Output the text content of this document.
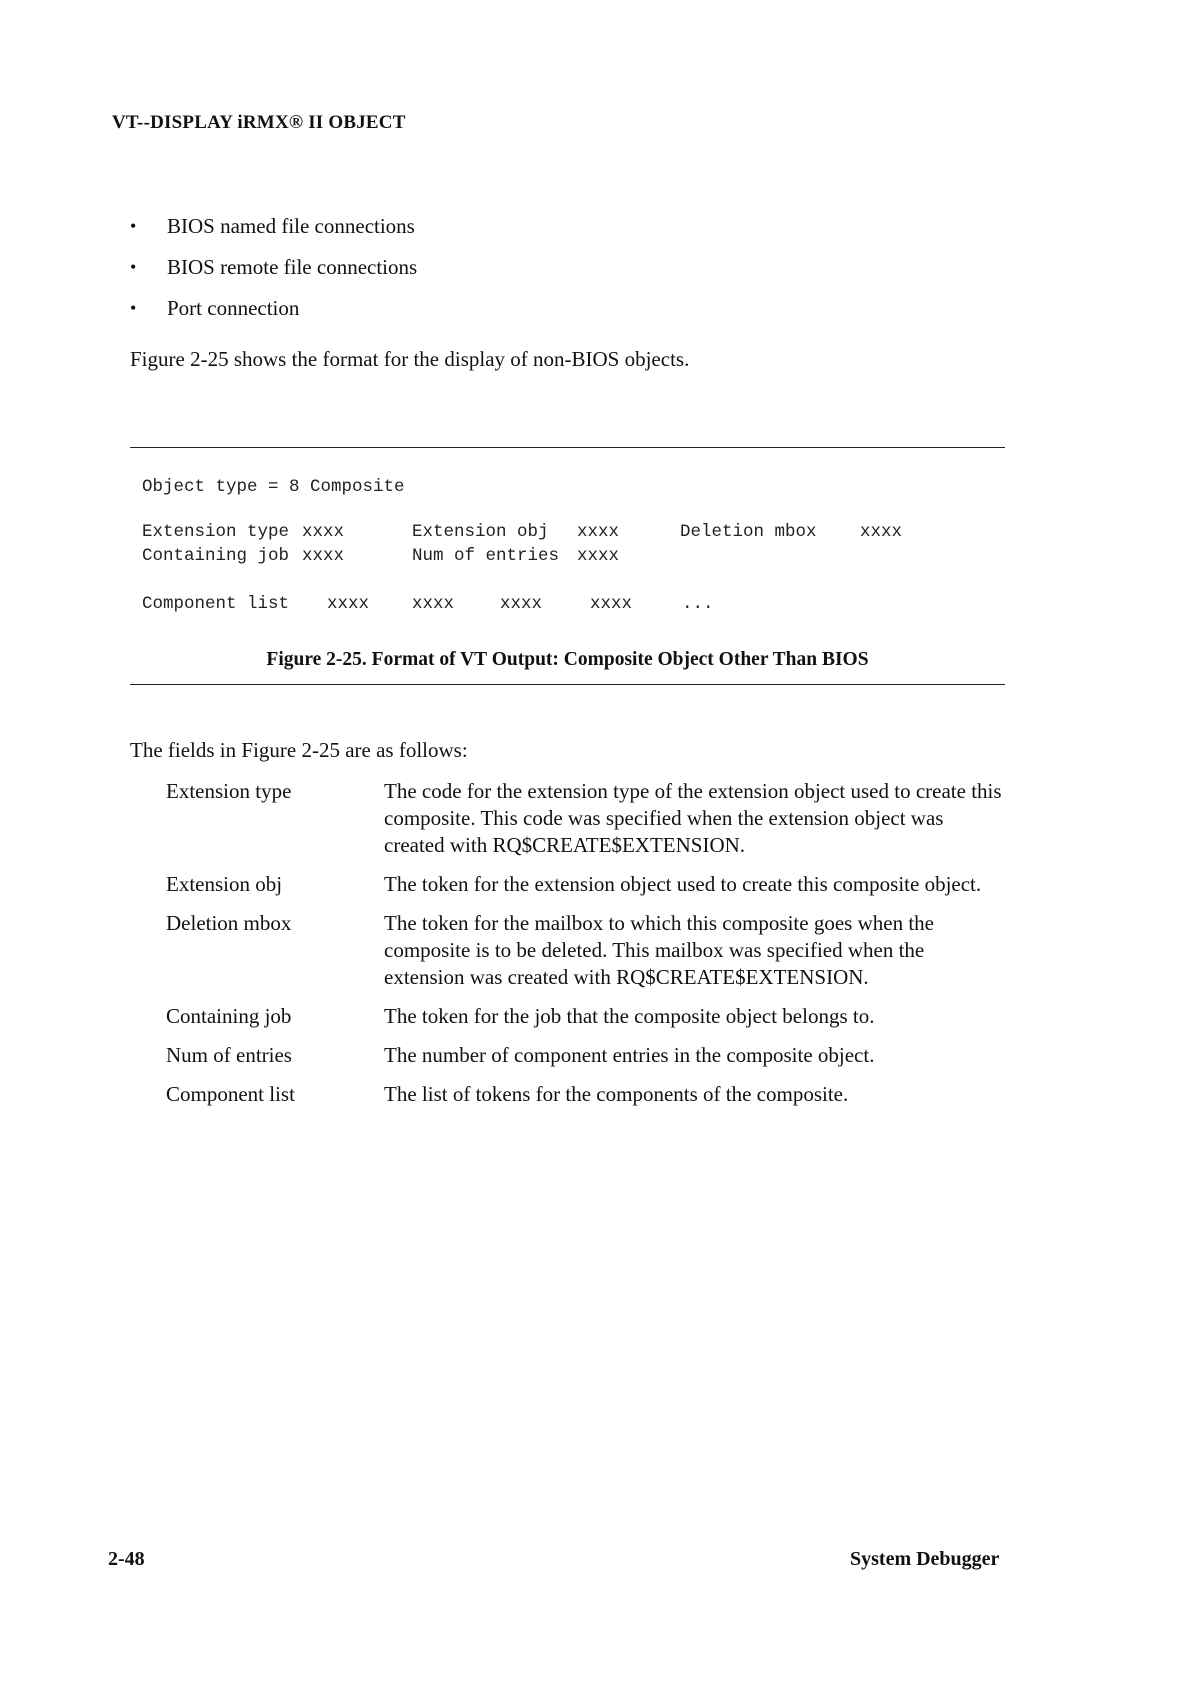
VT--DISPLAY iRMX® II OBJECT
•	BIOS named file connections
•	BIOS remote file connections
•	Port connection
Figure 2-25 shows the format for the display of non-BIOS objects.
Object type = 8 Composite
Extension type xxxx	Extension obj xxxx	Deletion mbox xxxx
Containing job xxxx	Num of entries xxxx
Component list xxxx xxxx	xxxx	xxxx	...
Figure 2-25. Format of VT Output: Composite Object Other Than BIOS
The fields in Figure 2-25 are as follows:
Extension type	The code for the extension type of the extension object used to create this composite. This code was specified when the extension object was created with RQ$CREATE$EXTENSION.
Extension obj	The token for the extension object used to create this composite object.
Deletion mbox	The token for the mailbox to which this composite goes when the composite is to be deleted. This mailbox was specified when the extension was created with RQ$CREATE$EXTENSION.
Containing job	The token for the job that the composite object belongs to.
Num of entries	The number of component entries in the composite object.
Component list	The list of tokens for the components of the composite.
2-48	System Debugger
